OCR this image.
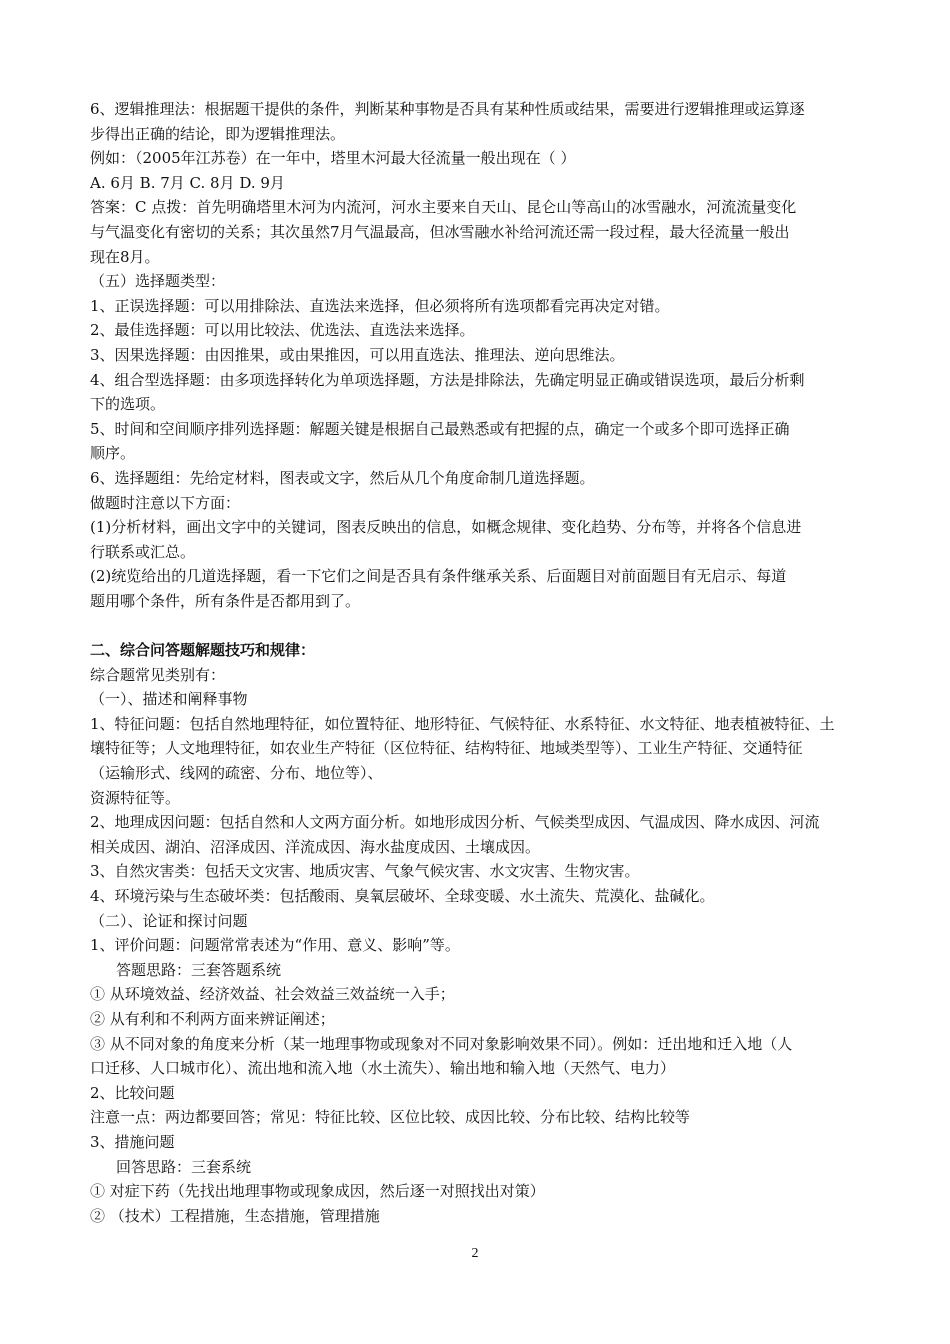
6、逻辑推理法：根据题干提供的条件，判断某种事物是否具有某种性质或结果，需要进行逻辑推理或运算逐
步得出正确的结论，即为逻辑推理法。
例如：（2005年江苏卷）在一年中，塔里木河最大径流量一般出现在（ ）
A. 6月 B. 7月 C. 8月 D. 9月
答案：C 点拨：首先明确塔里木河为内流河，河水主要来自天山、昆仑山等高山的冰雪融水，河流流量变化
与气温变化有密切的关系；其次虽然7月气温最高，但冰雪融水补给河流还需一段过程，最大径流量一般出
现在8月。
（五）选择题类型：
1、正误选择题：可以用排除法、直选法来选择，但必须将所有选项都看完再决定对错。
2、最佳选择题：可以用比较法、优选法、直选法来选择。
3、因果选择题：由因推果，或由果推因，可以用直选法、推理法、逆向思维法。
4、组合型选择题：由多项选择转化为单项选择题，方法是排除法，先确定明显正确或错误选项，最后分析剩
下的选项。
5、时间和空间顺序排列选择题：解题关键是根据自己最熟悉或有把握的点，确定一个或多个即可选择正确
顺序。
6、选择题组：先给定材料，图表或文字，然后从几个角度命制几道选择题。
做题时注意以下方面：
(1)分析材料，画出文字中的关键词，图表反映出的信息，如概念规律、变化趋势、分布等，并将各个信息进
行联系或汇总。
(2)统览给出的几道选择题，看一下它们之间是否具有条件继承关系、后面题目对前面题目有无启示、每道
题用哪个条件，所有条件是否都用到了。
二、综合问答题解题技巧和规律：
综合题常见类别有：
（一）、描述和阐释事物
1、特征问题：包括自然地理特征，如位置特征、地形特征、气候特征、水系特征、水文特征、地表植被特征、土
壤特征等；人文地理特征，如农业生产特征（区位特征、结构特征、地域类型等）、工业生产特征、交通特征
（运输形式、线网的疏密、分布、地位等）、
资源特征等。
2、地理成因问题：包括自然和人文两方面分析。如地形成因分析、气候类型成因、气温成因、降水成因、河流
相关成因、湖泊、沼泽成因、洋流成因、海水盐度成因、土壤成因。
3、自然灾害类：包括天文灾害、地质灾害、气象气候灾害、水文灾害、生物灾害。
4、环境污染与生态破坏类：包括酸雨、臭氧层破坏、全球变暖、水土流失、荒漠化、盐碱化。
（二）、论证和探讨问题
1、评价问题：问题常常表述为“作用、意义、影响”等。
答题思路：三套答题系统
① 从环境效益、经济效益、社会效益三效益统一入手；
② 从有利和不利两方面来辨证阐述；
③ 从不同对象的角度来分析（某一地理事物或现象对不同对象影响效果不同）。例如：迁出地和迁入地（人
口迁移、人口城市化）、流出地和流入地（水土流失）、输出地和输入地（天然气、电力）
2、比较问题
注意一点：两边都要回答；常见：特征比较、区位比较、成因比较、分布比较、结构比较等
3、措施问题
回答思路：三套系统
① 对症下药（先找出地理事物或现象成因，然后逐一对照找出对策）
② （技术）工程措施，生态措施，管理措施
2
